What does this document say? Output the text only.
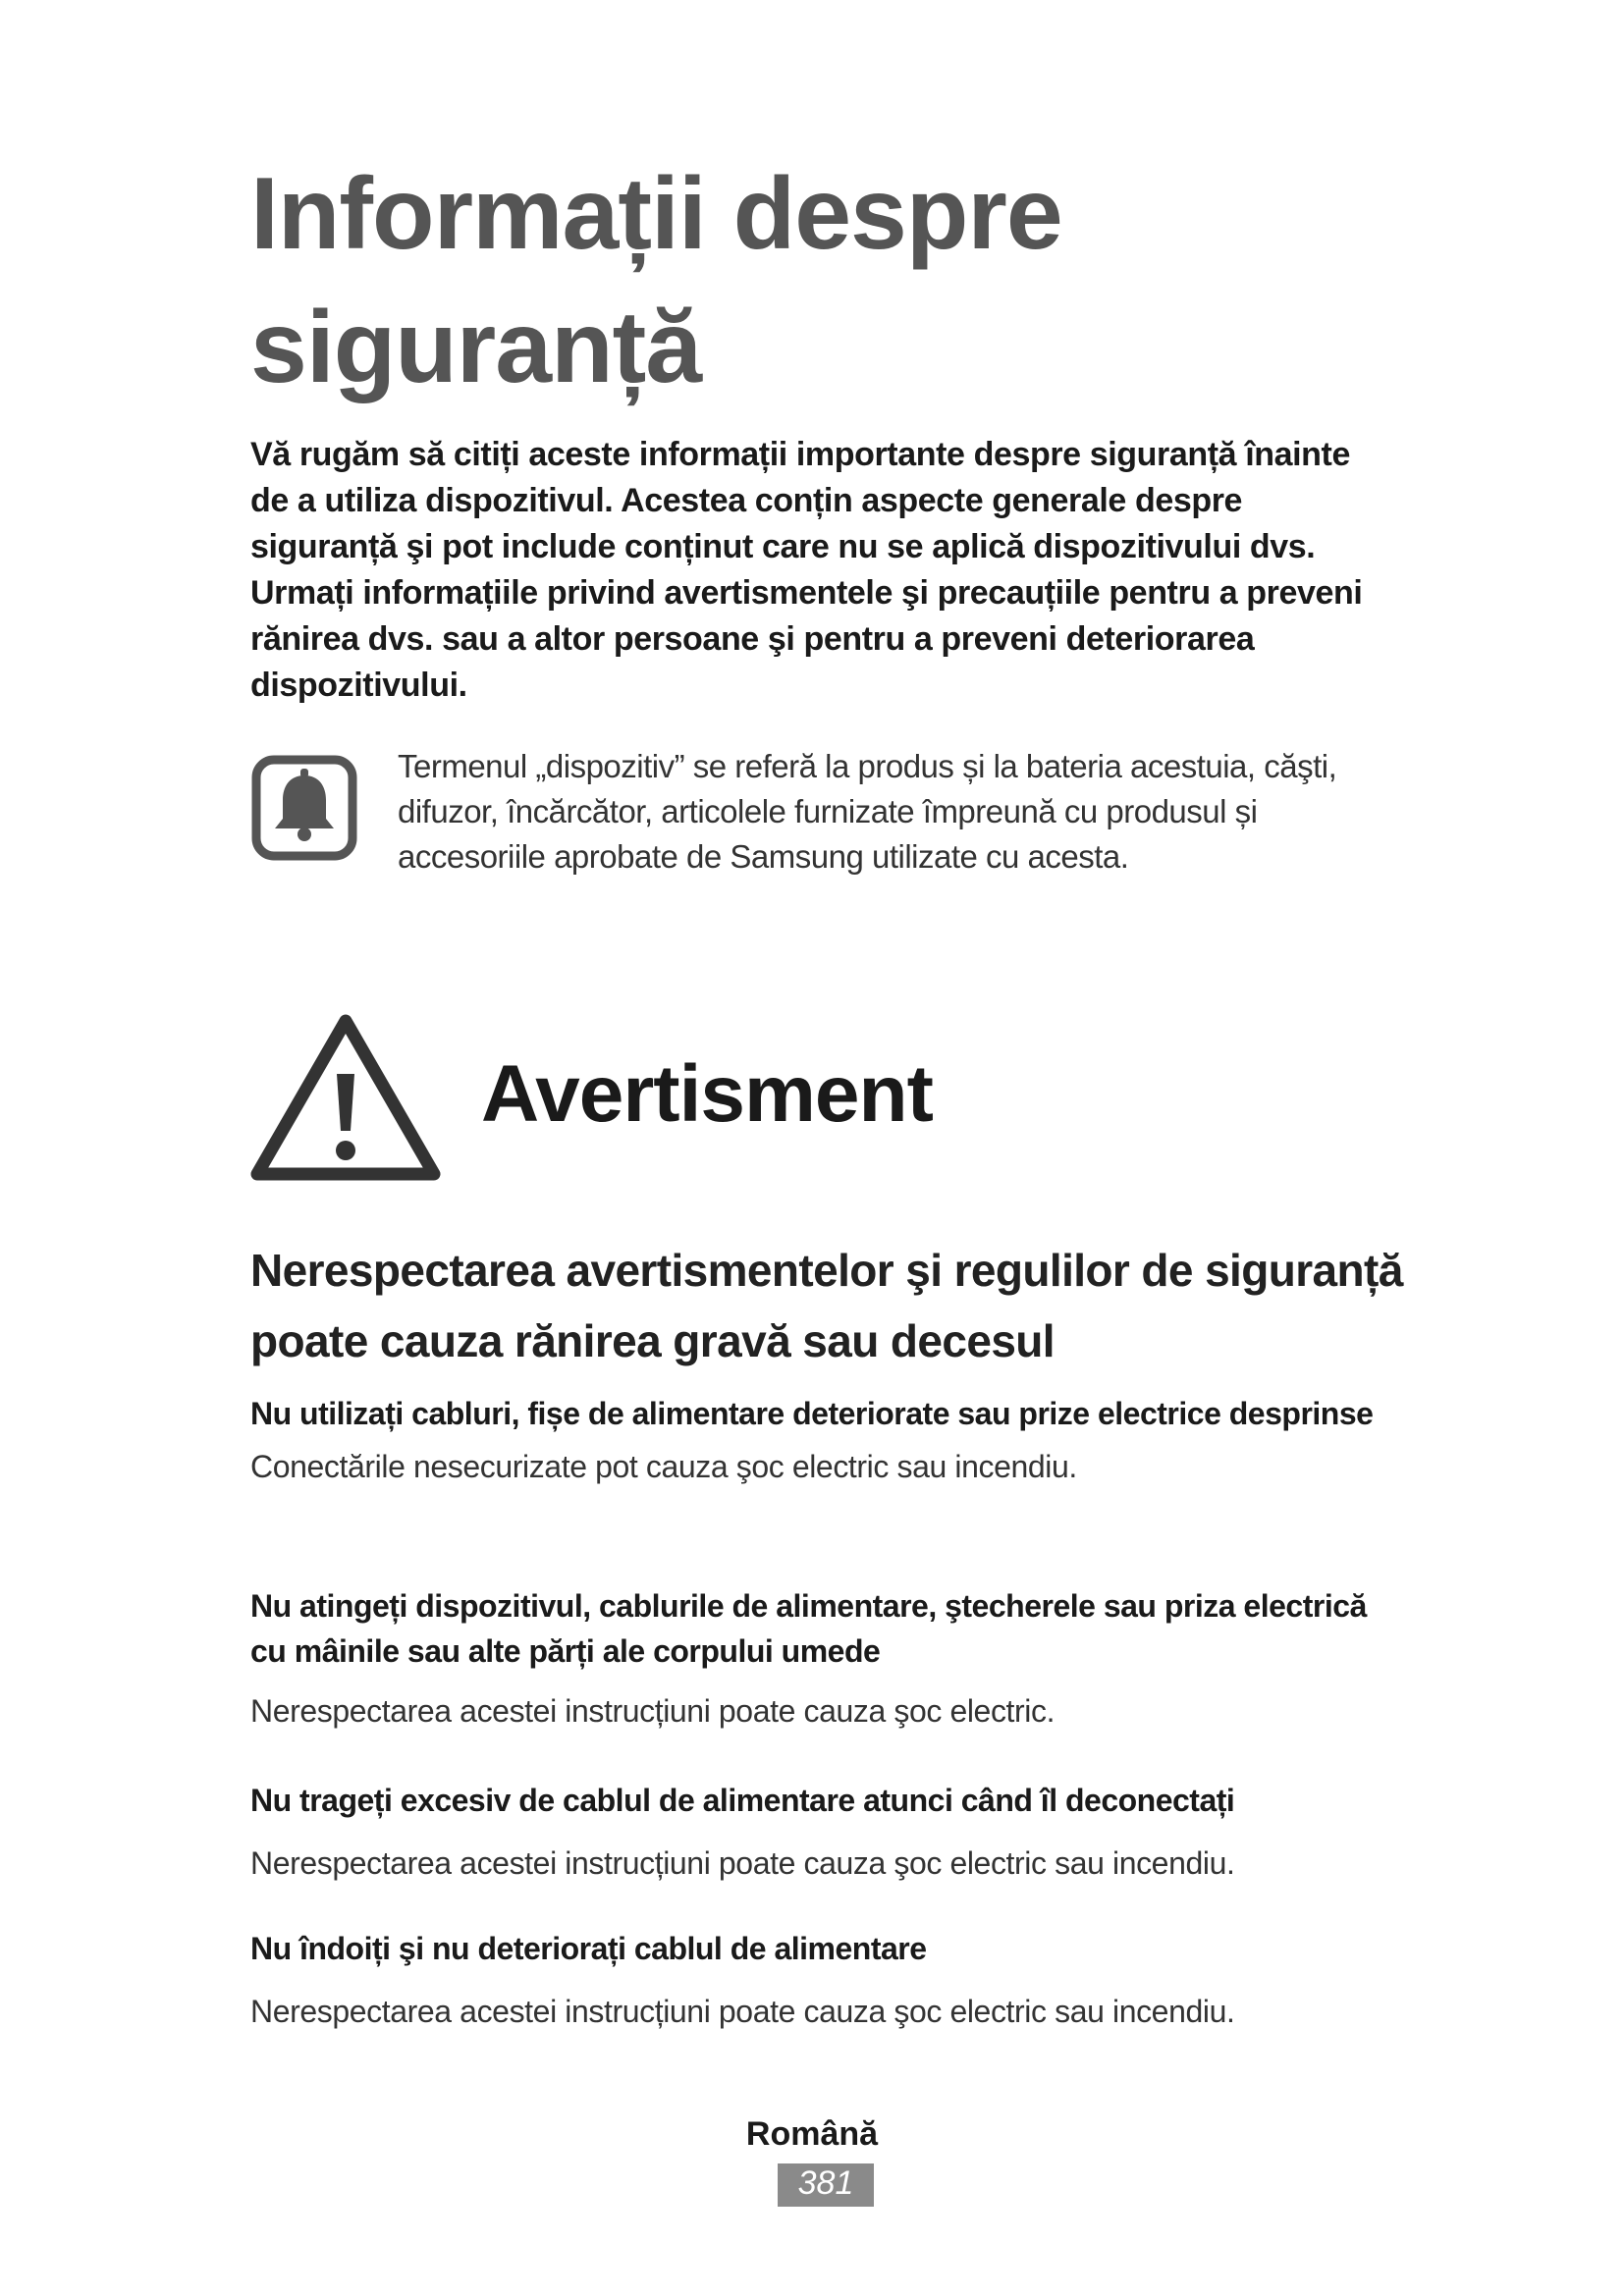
Informații despre siguranță

Vă rugăm să citiți aceste informații importante despre siguranță înainte de a utiliza dispozitivul. Acestea conțin aspecte generale despre siguranță şi pot include conținut care nu se aplică dispozitivului dvs. Urmați informațiile privind avertismentele şi precauțiile pentru a preveni rănirea dvs. sau a altor persoane şi pentru a preveni deteriorarea dispozitivului.

Termenul „dispozitiv” se referă la produs și la bateria acestuia, căşti, difuzor, încărcător, articolele furnizate împreună cu produsul și accesoriile aprobate de Samsung utilizate cu acesta.

Avertisment
Nerespectarea avertismentelor şi regulilor de siguranță poate cauza rănirea gravă sau decesul

Nu utilizați cabluri, fișe de alimentare deteriorate sau prize electrice desprinse

Conectările nesecurizate pot cauza şoc electric sau incendiu.

Nu atingeți dispozitivul, cablurile de alimentare, ştecherele sau priza electrică cu mâinile sau alte părți ale corpului umede

Nerespectarea acestei instrucțiuni poate cauza şoc electric.

Nu trageți excesiv de cablul de alimentare atunci când îl deconectați

Nerespectarea acestei instrucțiuni poate cauza şoc electric sau incendiu.

Nu îndoiți şi nu deteriorați cablul de alimentare

Nerespectarea acestei instrucțiuni poate cauza şoc electric sau incendiu.

Română

381
